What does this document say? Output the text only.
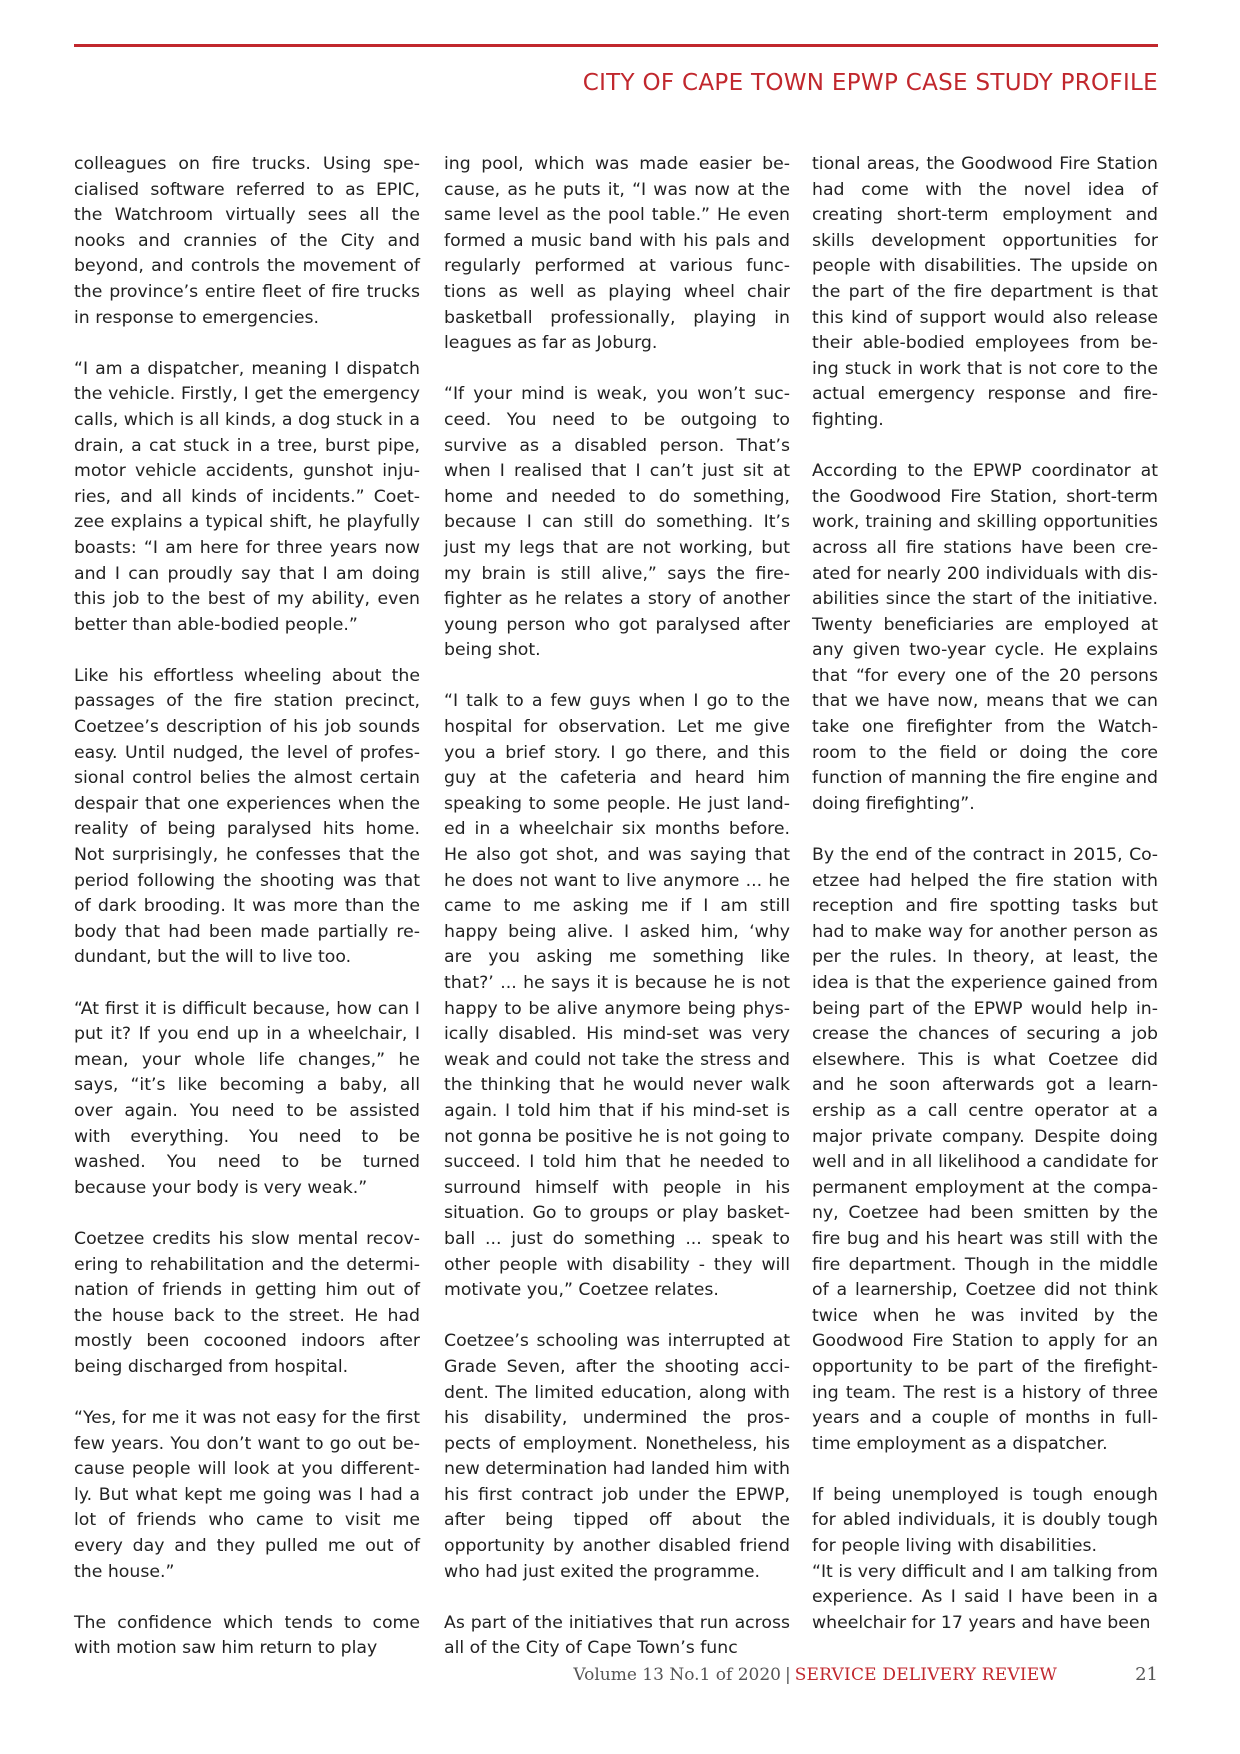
CITY OF CAPE TOWN EPWP CASE STUDY PROFILE

colleagues on fire trucks. Using specialised software referred to as EPIC, the Watchroom virtually sees all the nooks and crannies of the City and beyond, and controls the movement of the province’s entire fleet of fire trucks in response to emergencies.

“I am a dispatcher, meaning I dispatch the vehicle. Firstly, I get the emergency calls, which is all kinds, a dog stuck in a drain, a cat stuck in a tree, burst pipe, motor vehicle accidents, gunshot injuries, and all kinds of incidents.” Coetzee explains a typical shift, he playfully boasts: “I am here for three years now and I can proudly say that I am doing this job to the best of my ability, even better than able-bodied people.”

Like his effortless wheeling about the passages of the fire station precinct, Coetzee’s description of his job sounds easy. Until nudged, the level of professional control belies the almost certain despair that one experiences when the reality of being paralysed hits home. Not surprisingly, he confesses that the period following the shooting was that of dark brooding. It was more than the body that had been made partially redundant, but the will to live too.

“At first it is difficult because, how can I put it? If you end up in a wheelchair, I mean, your whole life changes,” he says, “it’s like becoming a baby, all over again. You need to be assisted with everything. You need to be washed. You need to be turned because your body is very weak.”

Coetzee credits his slow mental recovering to rehabilitation and the determination of friends in getting him out of the house back to the street. He had mostly been cocooned indoors after being discharged from hospital.

“Yes, for me it was not easy for the first few years. You don’t want to go out because people will look at you differently. But what kept me going was I had a lot of friends who came to visit me every day and they pulled me out of the house.”

The confidence which tends to come with motion saw him return to play

ing pool, which was made easier because, as he puts it, “I was now at the same level as the pool table.” He even formed a music band with his pals and regularly performed at various functions as well as playing wheel chair basketball professionally, playing in leagues as far as Joburg.

“If your mind is weak, you won’t succeed. You need to be outgoing to survive as a disabled person. That’s when I realised that I can’t just sit at home and needed to do something, because I can still do something. It’s just my legs that are not working, but my brain is still alive,” says the firefighter as he relates a story of another young person who got paralysed after being shot.

“I talk to a few guys when I go to the hospital for observation. Let me give you a brief story. I go there, and this guy at the cafeteria and heard him speaking to some people. He just landed in a wheelchair six months before. He also got shot, and was saying that he does not want to live anymore ... he came to me asking me if I am still happy being alive. I asked him, ‘why are you asking me something like that?’ ... he says it is because he is not happy to be alive anymore being physically disabled. His mind-set was very weak and could not take the stress and the thinking that he would never walk again. I told him that if his mind-set is not gonna be positive he is not going to succeed. I told him that he needed to surround himself with people in his situation. Go to groups or play basketball ... just do something ... speak to other people with disability - they will motivate you,” Coetzee relates.

Coetzee’s schooling was interrupted at Grade Seven, after the shooting accident. The limited education, along with his disability, undermined the prospects of employment. Nonetheless, his new determination had landed him with his first contract job under the EPWP, after being tipped off about the opportunity by another disabled friend who had just exited the programme.

As part of the initiatives that run across all of the City of Cape Town’s func

tional areas, the Goodwood Fire Station had come with the novel idea of creating short-term employment and skills development opportunities for people with disabilities. The upside on the part of the fire department is that this kind of support would also release their able-bodied employees from being stuck in work that is not core to the actual emergency response and firefighting.

According to the EPWP coordinator at the Goodwood Fire Station, short-term work, training and skilling opportunities across all fire stations have been created for nearly 200 individuals with disabilities since the start of the initiative. Twenty beneficiaries are employed at any given two-year cycle. He explains that “for every one of the 20 persons that we have now, means that we can take one firefighter from the Watchroom to the field or doing the core function of manning the fire engine and doing firefighting”.

By the end of the contract in 2015, Coetzee had helped the fire station with reception and fire spotting tasks but had to make way for another person as per the rules. In theory, at least, the idea is that the experience gained from being part of the EPWP would help increase the chances of securing a job elsewhere. This is what Coetzee did and he soon afterwards got a learnership as a call centre operator at a major private company. Despite doing well and in all likelihood a candidate for permanent employment at the company, Coetzee had been smitten by the fire bug and his heart was still with the fire department. Though in the middle of a learnership, Coetzee did not think twice when he was invited by the Goodwood Fire Station to apply for an opportunity to be part of the firefighting team. The rest is a history of three years and a couple of months in fulltime employment as a dispatcher.

If being unemployed is tough enough for abled individuals, it is doubly tough for people living with disabilities.

“It is very difficult and I am talking from experience. As I said I have been in a wheelchair for 17 years and have been

Volume 13 No.1 of 2020 | SERVICE DELIVERY REVIEW	21
